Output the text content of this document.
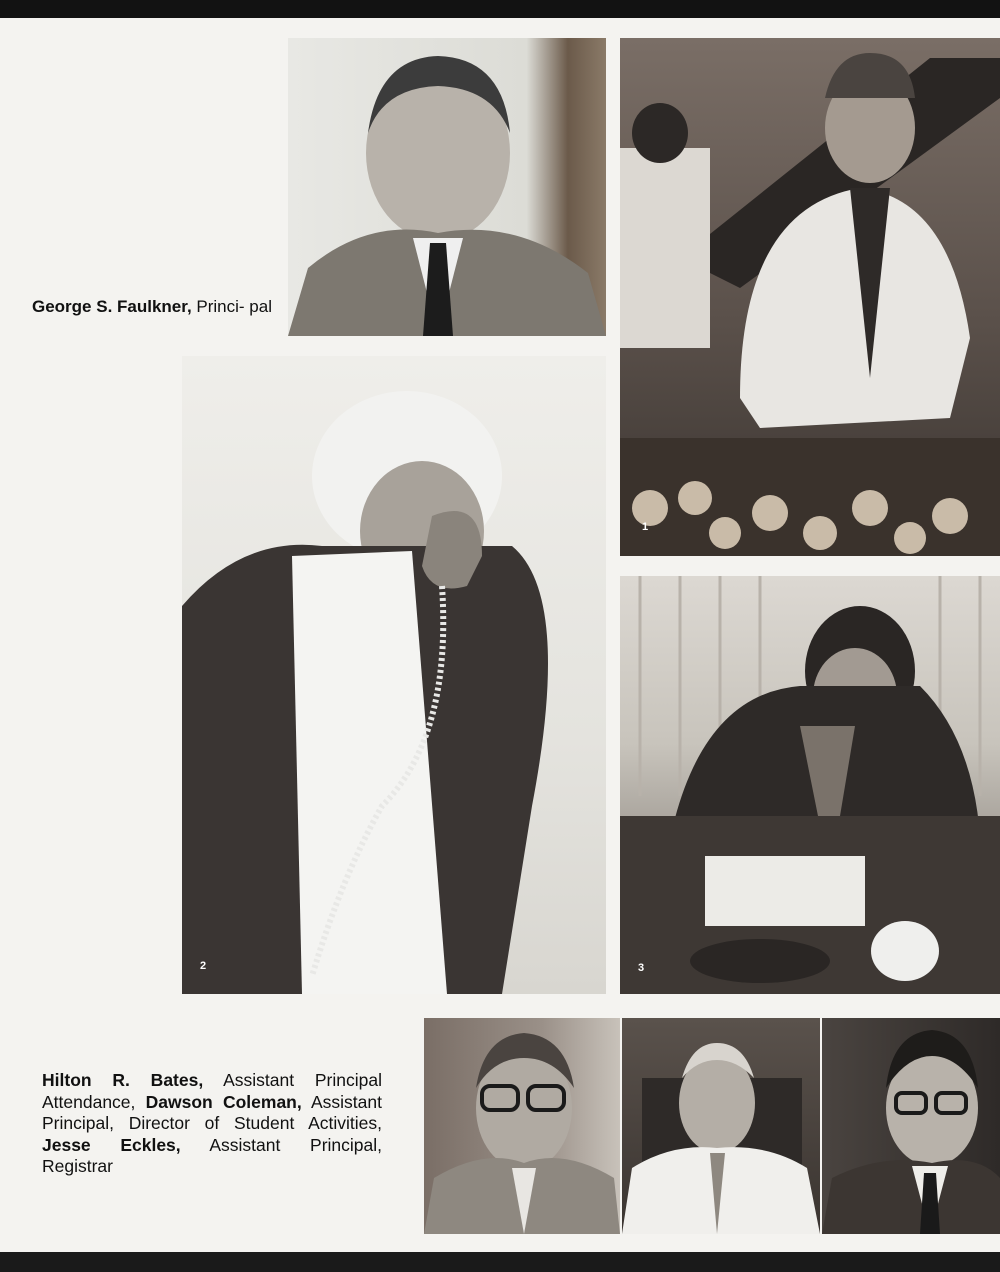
1
2	3
George S. Faulkner, Princi- pal
Hilton R. Bates, Assistant Principal Attendance, Dawson Coleman, Assistant Principal, Director of Student Activities, Jesse Eckles, Assistant Principal, Registrar
